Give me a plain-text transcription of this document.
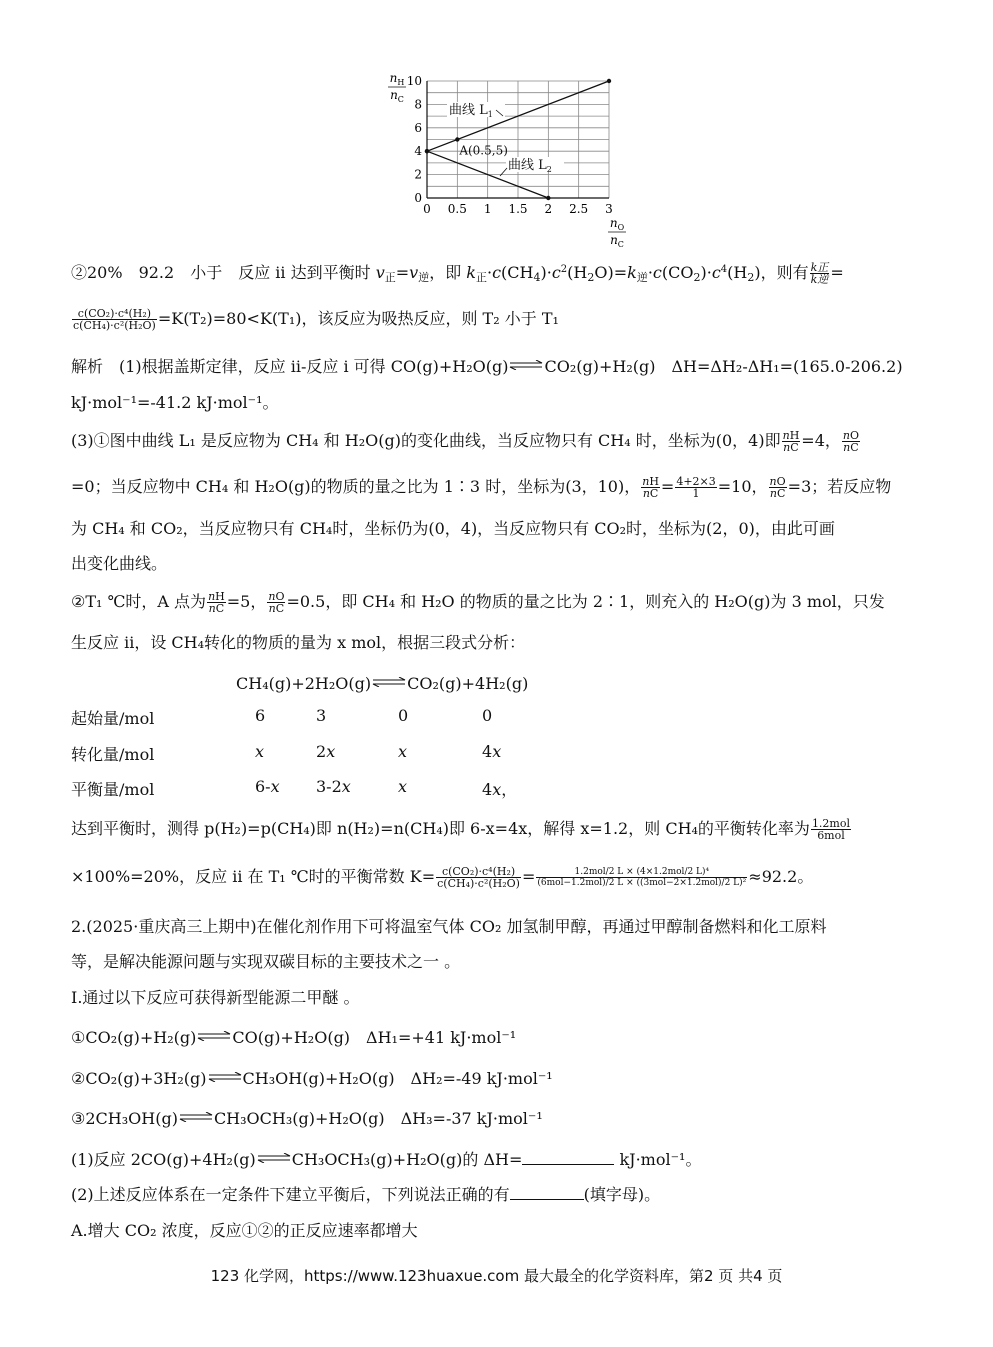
0 0.5 1 1.5 2 2.5 3
0
2
4
6
8
10
$n_H$
$n_C$
$n_O$
$n_C$
A(0.5,5)
曲线 $L_1$
曲线 $L_2$
②20%　92.2　小于　反应 ii 达到平衡时 $v_正=v_逆$，即 $k_正\cdot c(CH_4)\cdot c^2(H_2O)=k_逆\cdot c(CO_2)\cdot c^4(H_2)$，则有 k正
k逆 =
$\frac{\text{c(CO₂)·c⁴(H₂)}}{\text{c(CH₄)·c²(H₂O)}} =K(T_2)=80<K(T_1)$，该反应为吸热反应，则 T₂ 小于 T₁
解析　(1)根据盖斯定律，反应 ii-反应 i 可得 CO(g)+H₂O(g)⇌CO₂(g)+H₂(g)　ΔH=ΔH₂-ΔH₁=(165.0-206.2)
kJ·mol⁻¹=-41.2 kJ·mol⁻¹。
(3)①图中曲线 L₁ 是反应物为 CH₄ 和 H₂O(g)的变化曲线，当反应物只有 CH₄ 时，坐标为(0，4)即 $\frac{nH}{nC} =4$， $\frac{nO}{nC}$
=0；当反应物中 CH₄ 和 H₂O(g)的物质的量之比为 1∶3 时，坐标为(3，10)， $\frac{nH}{nC} = \frac{4+2\times 3}{1} =10$， $\frac{nO}{nC} =3$；若反应物
为 CH₄ 和 CO₂，当反应物只有 CH₄时，坐标仍为(0，4)，当反应物只有 CO₂时，坐标为(2，0)，由此可画
出变化曲线。
②T₁ ℃时，A 点为 $\frac{nH}{nC} =5$， $\frac{nO}{nC} =0.5$，即 CH₄ 和 H₂O 的物质的量之比为 2∶1，则充入的 H₂O(g)为 3 mol，只发
生反应 ii，设 CH₄转化的物质的量为 x mol，根据三段式分析：
CH₄(g)+2H₂O(g)⇌CO₂(g)+4H₂(g)
起始量/mol	6	3	0	0
转化量/mol	x	2x	x	4x
平衡量/mol	6-x 3-2x	x	4x，
达到平衡时，测得 p(H₂)=p(CH₄)即 n(H₂)=n(CH₄)即 6-x=4x，解得 x=1.2，则 CH₄的平衡转化率为 1.2mol
6mol
×100%=20%，反应 ii 在 T₁ ℃时的平衡常数 $K= \frac{\text{c(CO₂)·c⁴(H₂)}}{\text{c(CH₄)·c²(H₂O)}}$ =	1.2mol/2 L × (4×1.2mol/2 L)⁴
(6mol−1.2mol)/2 L × ((3mol−2×1.2mol)/2 L)² ≈92.2。
2.(2025·重庆高三上期中)在催化剂作用下可将温室气体 CO₂ 加氢制甲醇，再通过甲醇制备燃料和化工原料
等，是解决能源问题与实现双碳目标的主要技术之一 。
Ⅰ.通过以下反应可获得新型能源二甲醚 。
①CO₂(g)+H₂(g)⇌CO(g)+H₂O(g)　ΔH₁=+41 kJ·mol⁻¹
②CO₂(g)+3H₂(g)⇌CH₃OH(g)+H₂O(g)　ΔH₂=-49 kJ·mol⁻¹
③2CH₃OH(g)⇌CH₃OCH₃(g)+H₂O(g)　ΔH₃=-37 kJ·mol⁻¹
(1)反应 2CO(g)+4H₂(g)⇌CH₃OCH₃(g)+H₂O(g)的 ΔH=	kJ·mol⁻¹。
(2)上述反应体系在一定条件下建立平衡后，下列说法正确的有	(填字母)。
A.增大 CO₂ 浓度，反应①②的正反应速率都增大
123 化学网，https://www.123huaxue.com 最大最全的化学资料库，第2 页 共4 页
